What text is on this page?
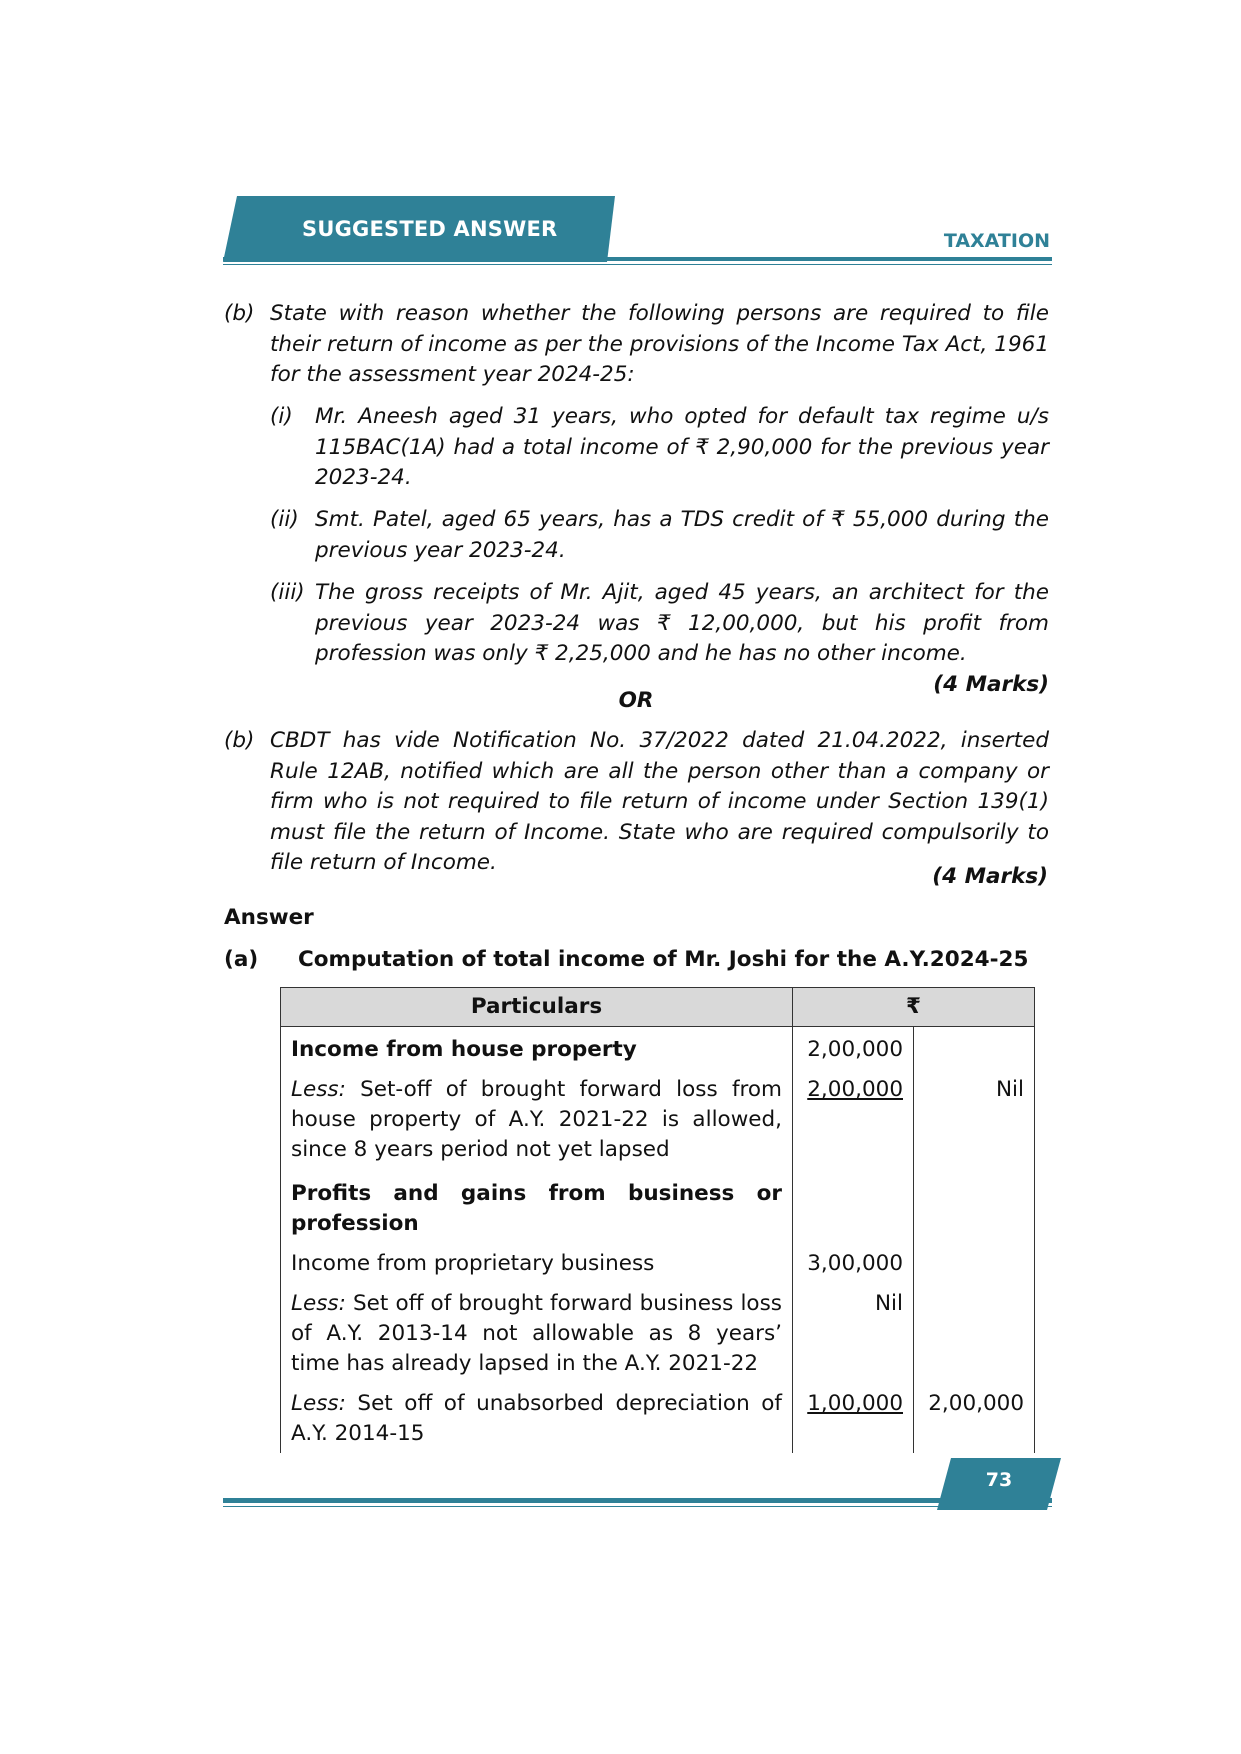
SUGGESTED ANSWER	TAXATION
(b) State with reason whether the following persons are required to file their return of income as per the provisions of the Income Tax Act, 1961 for the assessment year 2024-25:
(i) Mr. Aneesh aged 31 years, who opted for default tax regime u/s 115BAC(1A) had a total income of ₹ 2,90,000 for the previous year 2023-24.
(ii) Smt. Patel, aged 65 years, has a TDS credit of ₹ 55,000 during the previous year 2023-24.
(iii) The gross receipts of Mr. Ajit, aged 45 years, an architect for the previous year 2023-24 was ₹ 12,00,000, but his profit from profession was only ₹ 2,25,000 and he has no other income.
(4 Marks)
OR
(b) CBDT has vide Notification No. 37/2022 dated 21.04.2022, inserted Rule 12AB, notified which are all the person other than a company or firm who is not required to file return of income under Section 139(1) must file the return of Income. State who are required compulsorily to file return of Income.
(4 Marks)
Answer
(a) Computation of total income of Mr. Joshi for the A.Y.2024-25
Particulars	₹	
Income from house property	2,00,000	
Less: Set-off of brought forward loss from house property of A.Y. 2021-22 is allowed, since 8 years period not yet lapsed	2,00,000	Nil
Profits and gains from business or profession		
Income from proprietary business	3,00,000	
Less: Set off of brought forward business loss of A.Y. 2013-14 not allowable as 8 years’ time has already lapsed in the A.Y. 2021-22	Nil	
Less: Set off of unabsorbed depreciation of A.Y. 2014-15	1,00,000	2,00,000
73
